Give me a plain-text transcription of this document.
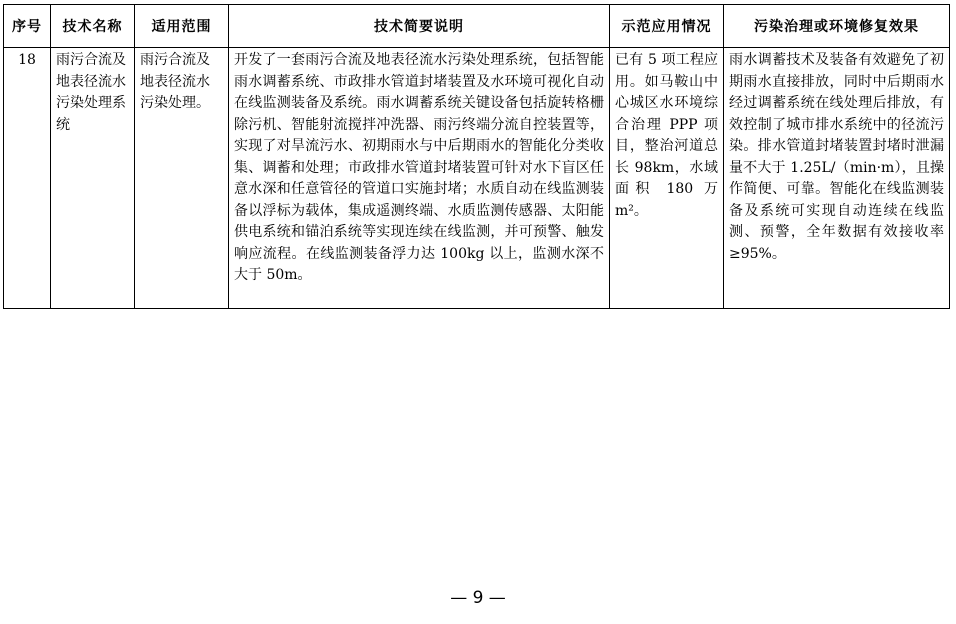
序号	技术名称	适用范围	技术简要说明	示范应用情况	污染治理或环境修复效果
18	雨污合流及地表径流水污染处理系统	雨污合流及地表径流水污染处理。	开发了一套雨污合流及地表径流水污染处理系统，包括智能雨水调蓄系统、市政排水管道封堵装置及水环境可视化自动在线监测装备及系统。雨水调蓄系统关键设备包括旋转格栅除污机、智能射流搅拌冲洗器、雨污终端分流自控装置等，实现了对旱流污水、初期雨水与中后期雨水的智能化分类收集、调蓄和处理；市政排水管道封堵装置可针对水下盲区任意水深和任意管径的管道口实施封堵；水质自动在线监测装备以浮标为载体，集成遥测终端、水质监测传感器、太阳能供电系统和锚泊系统等实现连续在线监测，并可预警、触发响应流程。在线监测装备浮力达 100kg 以上，监测水深不大于 50m。	已有 5 项工程应用。如马鞍山中心城区水环境综合治理 PPP 项目，整治河道总长 98km，水域面积 180 万 m²。	雨水调蓄技术及装备有效避免了初期雨水直接排放，同时中后期雨水经过调蓄系统在线处理后排放，有效控制了城市排水系统中的径流污染。排水管道封堵装置封堵时泄漏量不大于 1.25L/（min·m），且操作简便、可靠。智能化在线监测装备及系统可实现自动连续在线监测、预警，全年数据有效接收率≥95%。
— 9 —
